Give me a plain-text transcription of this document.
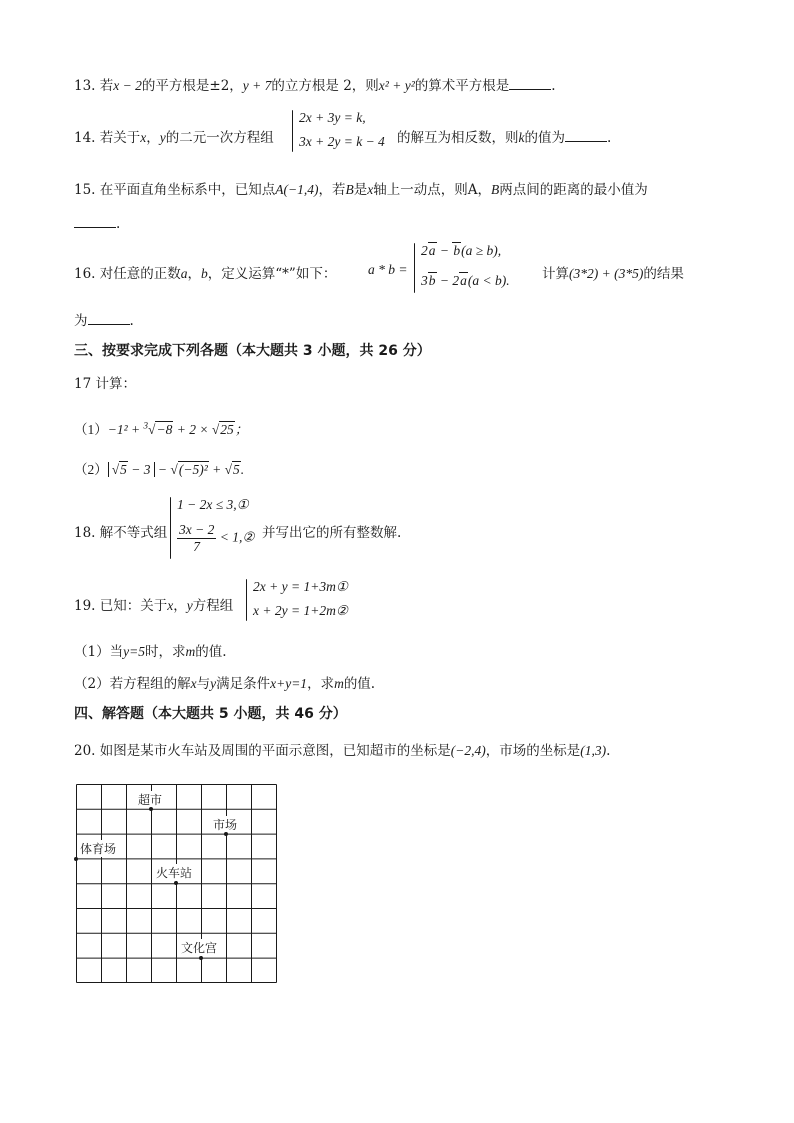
13. 若x − 2的平方根是±2，y + 7的立方根是 2，则x² + y²的算术平方根是	.
14. 若关于x，y的二元一次方程组
2x + 3y = k,
3x + 2y = k − 4 的解互为相反数，则k的值为	.
15. 在平面直角坐标系中，已知点A(−1,4)，若B是x轴上一动点，则A，B两点间的距离的最小值为
.
16. 对任意的正数a，b，定义运算“*”如下： a * b =
2a − b(a ≥ b),
3b − 2a(a < b). 计算(3*2) + (3*5)的结果
为	.
三、按要求完成下列各题（本大题共 3 小题，共 26 分）
17 计算：
（1）−1² + $^3$√−8 + 2 × √25；
（2） √5 − 3 − √(−5)² + √5.
18. 解不等式组
1 − 2x ≤ 3,①
$\frac{3x - 2}{7}$ < 1,② 并写出它的所有整数解.
19. 已知：关于x，y方程组
2x + y = 1+3m①
x + 2y = 1+2m②
（1）当y=5时，求m的值.
（2）若方程组的解x与y满足条件x+y=1，求m的值.
四、解答题（本大题共 5 小题，共 46 分）
20. 如图是某市火车站及周围的平面示意图，已知超市的坐标是(−2,4)，市场的坐标是(1,3).
超市
市场
体育场
火车站
文化宫
